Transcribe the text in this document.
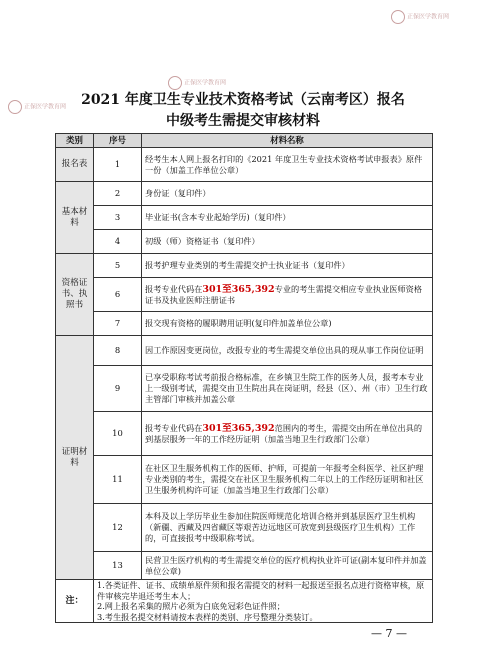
正保医学教育网
正保医学教育网
正保医学教育网	2021 年度卫生专业技术资格考试（云南考区）报名
中级考生需提交审核材料
类别	序号	材料名称
报名表	1	经考生本人网上报名打印的《2021 年度卫生专业技术资格考试申报表》原件一份（加盖工作单位公章）
基本材料	2	身份证（复印件）
	3	毕业证书(含本专业起始学历)（复印件）
	4	初级（师）资格证书（复印件）
资格证书、执照书	5	报考护理专业类别的考生需提交护士执业证书（复印件）
	6	报考专业代码在301至365,392专业的考生需提交相应专业执业医师资格证书及执业医师注册证书
	7	报交现有资格的履职聘用证明(复印件加盖单位公章)
证明材料	8	因工作原因变更岗位，改报专业的考生需提交单位出具的现从事工作岗位证明
	9	已享受职称考试考前报合格标准，在乡镇卫生院工作的医务人员，报考本专业上一级别考试，需提交由卫生院出具在岗证明，经县（区）、州（市）卫生行政主管部门审核并加盖公章
	10	报考专业代码在301至365,392范围内的考生，需提交由所在单位出具的到基层服务一年的工作经历证明（加盖当地卫生行政部门公章）
	11	在社区卫生服务机构工作的医师、护师，可提前一年报考全科医学、社区护理专业类别的考生，需提交在社区卫生服务机构二年以上的工作经历证明和社区卫生服务机构许可证（加盖当地卫生行政部门公章）
	12	本科及以上学历毕业生参加住院医师规范化培训合格并到基层医疗卫生机构（新疆、西藏及四省藏区等艰苦边远地区可放宽到县级医疗卫生机构）工作的，可直接报考中级职称考试。
	13	民营卫生医疗机构的考生需提交单位的医疗机构执业许可证(副本复印件并加盖单位公章)
注：	1.各类证件、证书、成绩单原件须和报名需提交的材料一起报送至报名点进行资格审核，原件审核完毕退还考生本人；
2.网上报名采集的照片必须为白底免冠彩色证件照；
3.考生报名提交材料请按本表样的类别、序号整理分类装订。	
— 7 —
